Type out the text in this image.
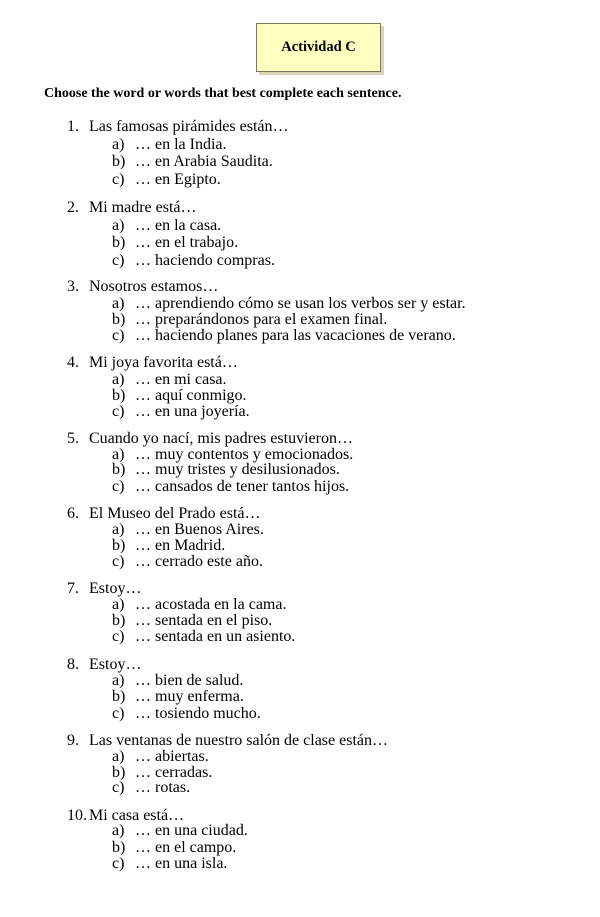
Actividad C
Choose the word or words that best complete each sentence.
1. Las famosas pirámides están…
a) … en la India.
b) … en Arabia Saudita.
c) … en Egipto.
2. Mi madre está…
a) … en la casa.
b) … en el trabajo.
c) … haciendo compras.
3. Nosotros estamos…
a) … aprendiendo cómo se usan los verbos ser y estar.
b) … preparándonos para el examen final.
c) … haciendo planes para las vacaciones de verano.
4. Mi joya favorita está…
a) … en mi casa.
b) … aquí conmigo.
c) … en una joyería.
5. Cuando yo nací, mis padres estuvieron…
a) … muy contentos y emocionados.
b) … muy tristes y desilusionados.
c) … cansados de tener tantos hijos.
6. El Museo del Prado está…
a) … en Buenos Aires.
b) … en Madrid.
c) … cerrado este año.
7. Estoy…
a) … acostada en la cama.
b) … sentada en el piso.
c) … sentada en un asiento.
8. Estoy…
a) … bien de salud.
b) … muy enferma.
c) … tosiendo mucho.
9. Las ventanas de nuestro salón de clase están…
a) … abiertas.
b) … cerradas.
c) … rotas.
10. Mi casa está…
a) … en una ciudad.
b) … en el campo.
c) … en una isla.
